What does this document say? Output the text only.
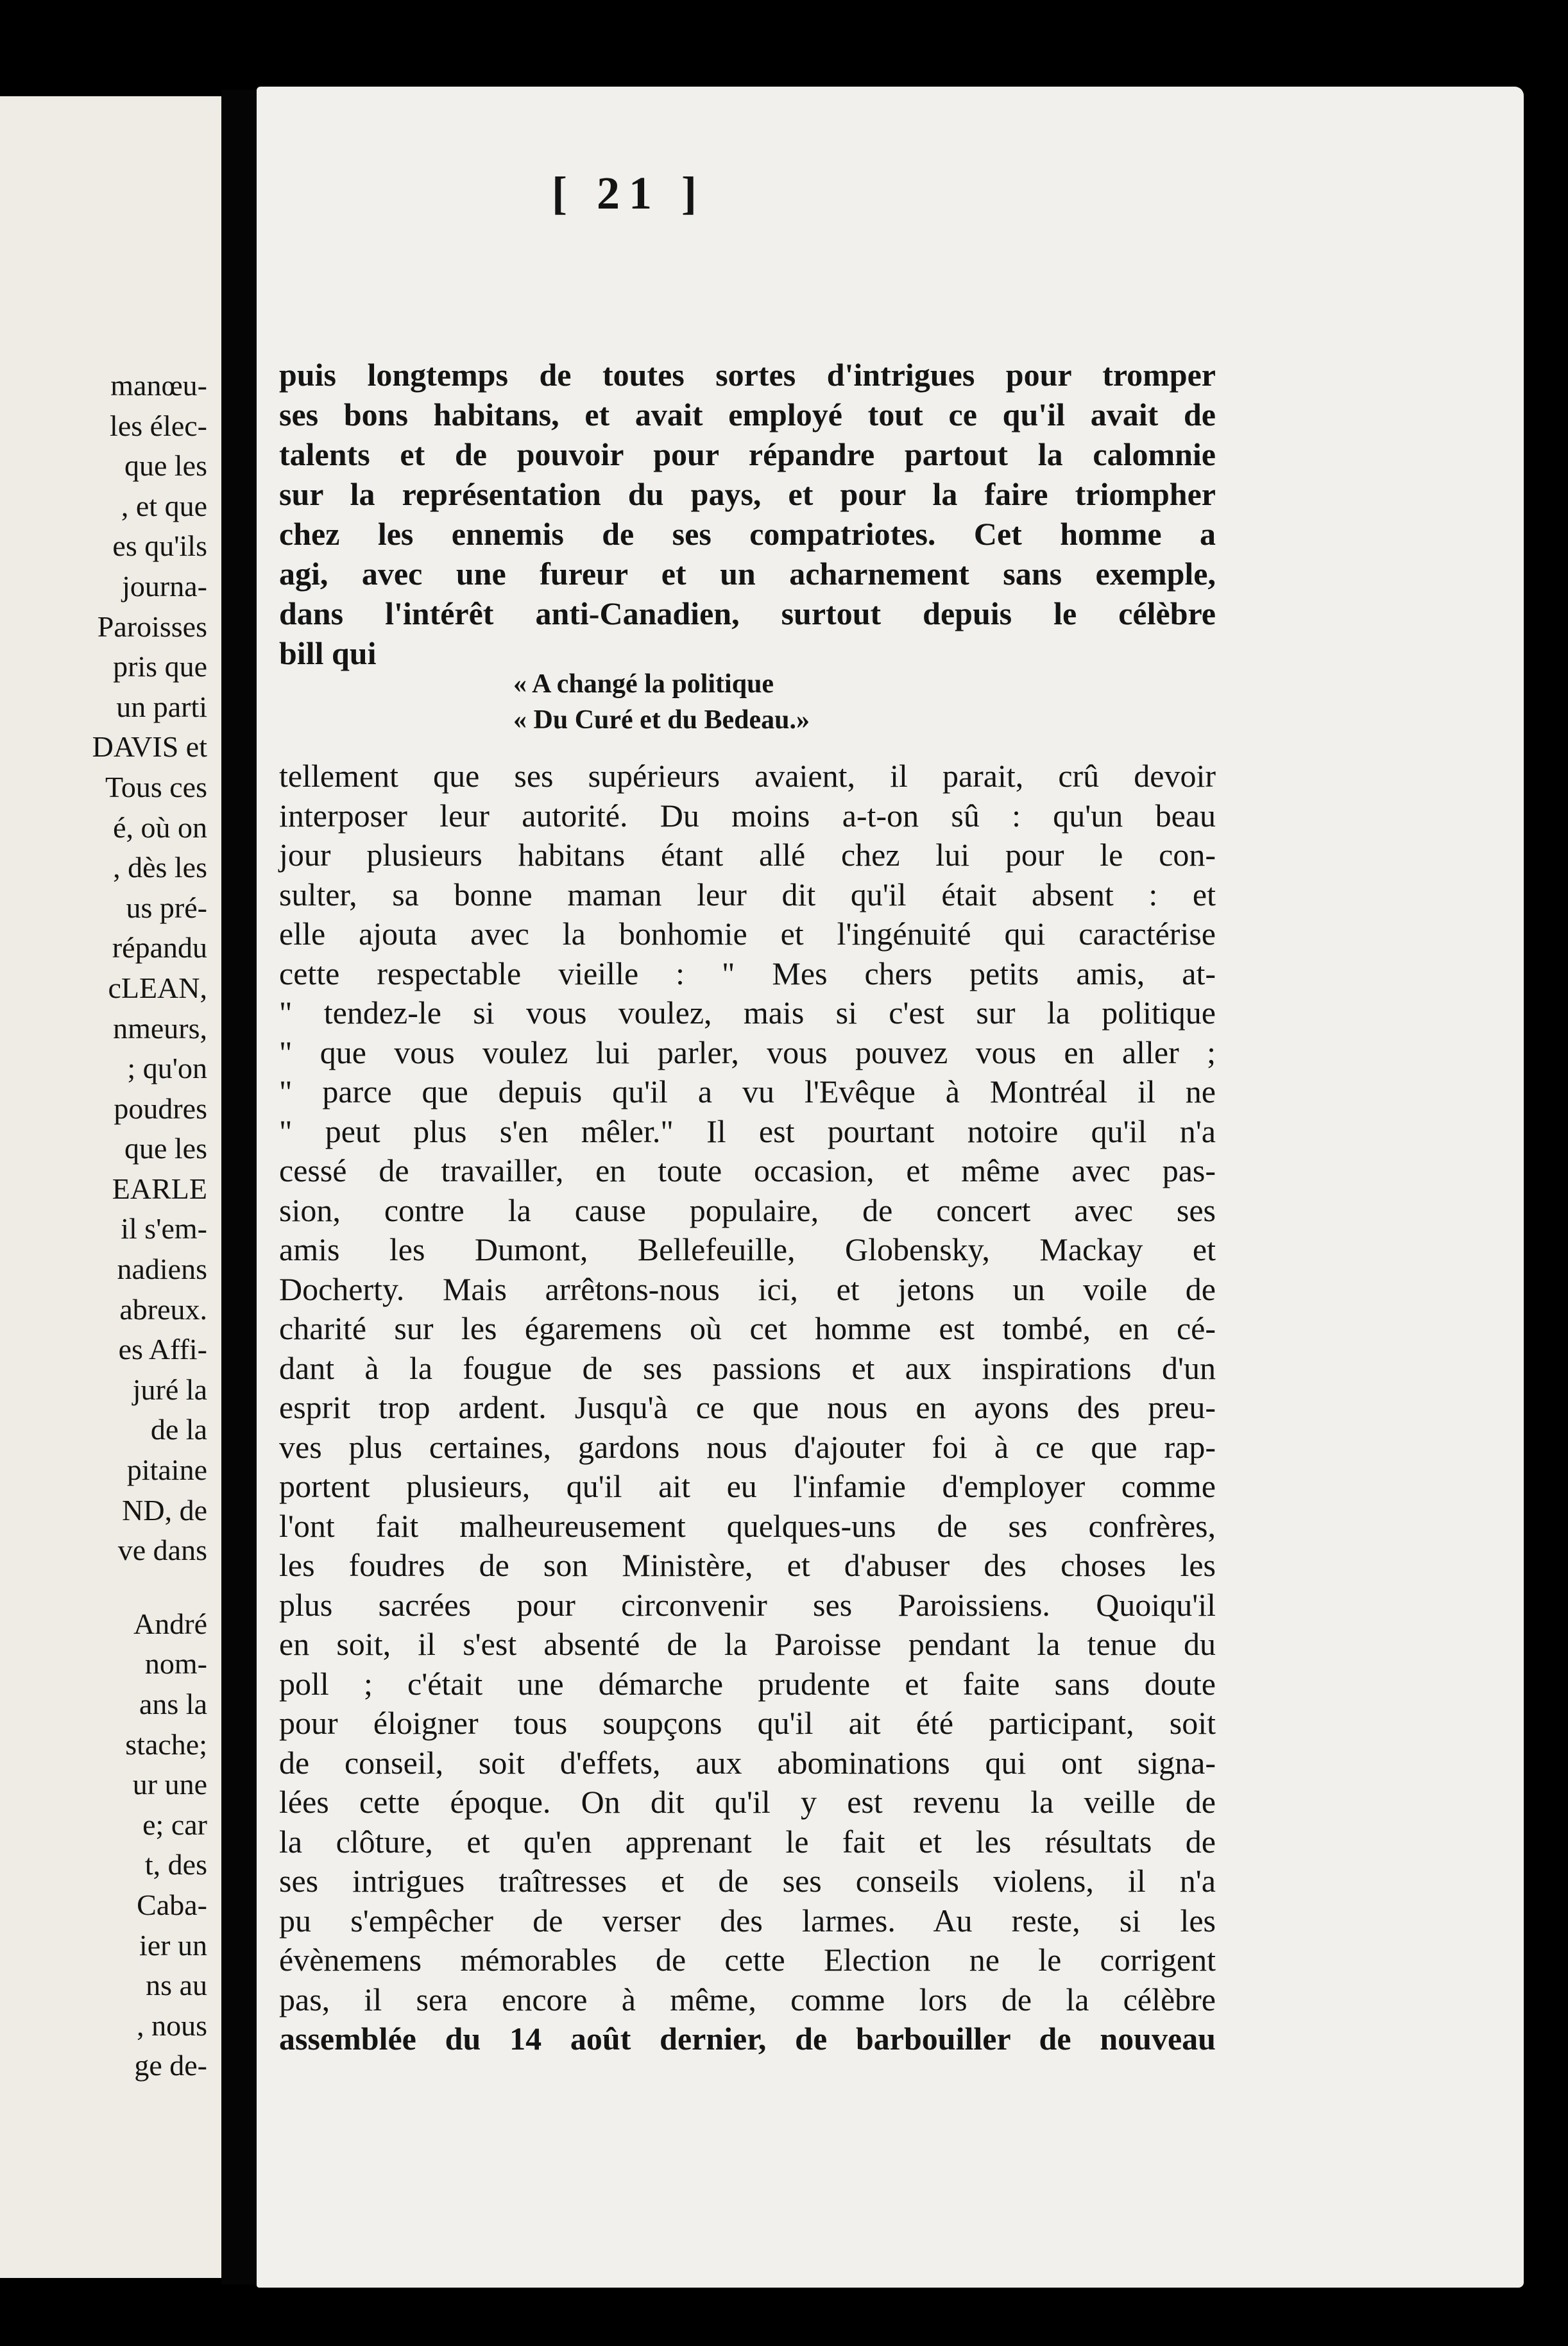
manœu-
les élec-
que les
, et que
es qu'ils
journa-
Paroisses
pris que
un parti
DAVIS et
Tous ces
é, où on
, dès les
us pré-
répandu
cLEAN,
nmeurs,
; qu'on
poudres
que les
EARLE
il s'em-
nadiens
abreux.
es Affi-
juré la
de la
pitaine
ND, de
ve dans
André
nom-
ans la
stache;
ur une
e; car
t, des
Caba-
ier un
ns au
, nous
ge de-
[ 21 ]
puis longtemps de toutes sortes d'intrigues pour tromper
ses bons habitans, et avait employé tout ce qu'il avait de
talents et de pouvoir pour répandre partout la calomnie
sur la représentation du pays, et pour la faire triompher
chez les ennemis de ses compatriotes. Cet homme a
agi, avec une fureur et un acharnement sans exemple,
dans l'intérêt anti-Canadien, surtout depuis le célèbre
bill qui
« A changé la politique
« Du Curé et du Bedeau.»
tellement que ses supérieurs avaient, il parait, crû devoir
interposer leur autorité. Du moins a-t-on sû : qu'un beau
jour plusieurs habitans étant allé chez lui pour le con-
sulter, sa bonne maman leur dit qu'il était absent : et
elle ajouta avec la bonhomie et l'ingénuité qui caractérise
cette respectable vieille : " Mes chers petits amis, at-
" tendez-le si vous voulez, mais si c'est sur la politique
" que vous voulez lui parler, vous pouvez vous en aller ;
" parce que depuis qu'il a vu l'Evêque à Montréal il ne
" peut plus s'en mêler." Il est pourtant notoire qu'il n'a
cessé de travailler, en toute occasion, et même avec pas-
sion, contre la cause populaire, de concert avec ses
amis les Dumont, Bellefeuille, Globensky, Mackay et
Docherty. Mais arrêtons-nous ici, et jetons un voile de
charité sur les égaremens où cet homme est tombé, en cé-
dant à la fougue de ses passions et aux inspirations d'un
esprit trop ardent. Jusqu'à ce que nous en ayons des preu-
ves plus certaines, gardons nous d'ajouter foi à ce que rap-
portent plusieurs, qu'il ait eu l'infamie d'employer comme
l'ont fait malheureusement quelques-uns de ses confrères,
les foudres de son Ministère, et d'abuser des choses les
plus sacrées pour circonvenir ses Paroissiens. Quoiqu'il
en soit, il s'est absenté de la Paroisse pendant la tenue du
poll ; c'était une démarche prudente et faite sans doute
pour éloigner tous soupçons qu'il ait été participant, soit
de conseil, soit d'effets, aux abominations qui ont signa-
lées cette époque. On dit qu'il y est revenu la veille de
la clôture, et qu'en apprenant le fait et les résultats de
ses intrigues traîtresses et de ses conseils violens, il n'a
pu s'empêcher de verser des larmes. Au reste, si les
évènemens mémorables de cette Election ne le corrigent
pas, il sera encore à même, comme lors de la célèbre
assemblée du 14 août dernier, de barbouiller de nouveau
